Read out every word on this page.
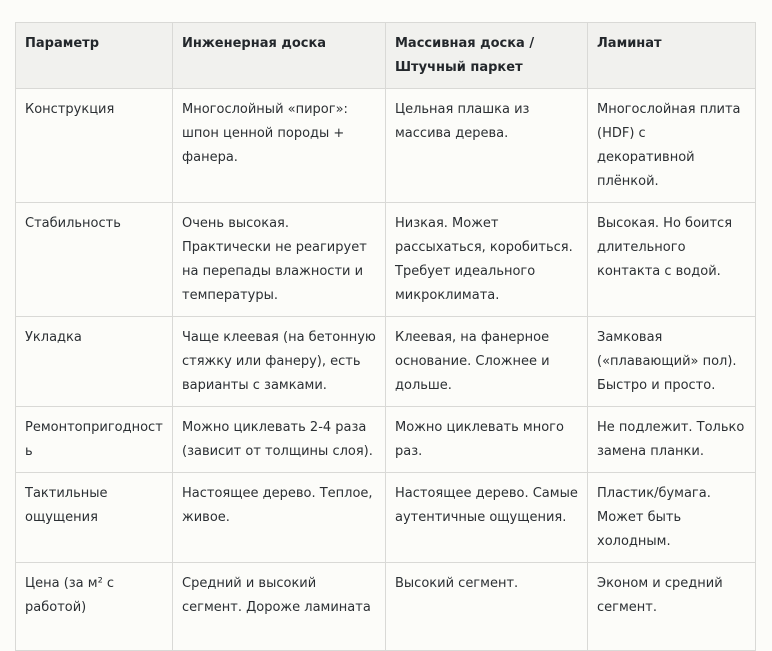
Параметр	Инженерная доска	Массивная доска / Штучный паркет	Ламинат
Конструкция	Многослойный «пирог»: шпон ценной породы + фанера.	Цельная плашка из массива дерева.	Многослойная плита (HDF) с декоративной плёнкой.
Стабильность	Очень высокая. Практически не реагирует на перепады влажности и температуры.	Низкая. Может рассыхаться, коробиться. Требует идеального микроклимата.	Высокая. Но боится длительного контакта с водой.
Укладка	Чаще клеевая (на бетонную стяжку или фанеру), есть варианты с замками.	Клеевая, на фанерное основание. Сложнее и дольше.	Замковая («плавающий» пол). Быстро и просто.
Ремонтопригодность	Можно циклевать 2-4 раза (зависит от толщины слоя).	Можно циклевать много раз.	Не подлежит. Только замена планки.
Тактильные ощущения	Настоящее дерево. Теплое, живое.	Настоящее дерево. Самые аутентичные ощущения.	Пластик/бумага. Может быть холодным.
Цена (за м² с работой)	Средний и высокий сегмент. Дороже ламината	Высокий сегмент.	Эконом и средний сегмент.
